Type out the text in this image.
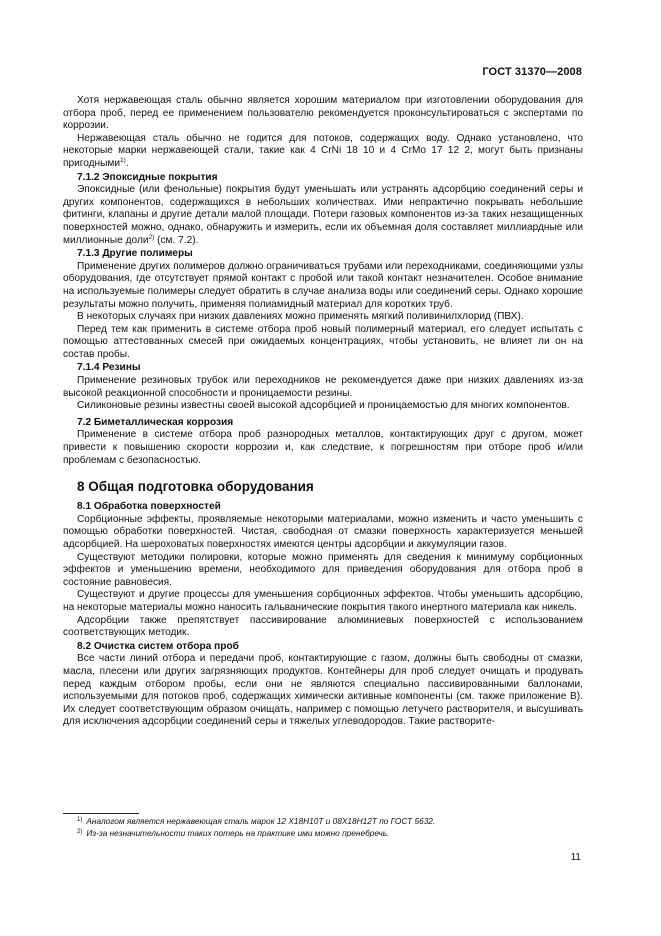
ГОСТ 31370—2008

Хотя нержавеющая сталь обычно является хорошим материалом при изготовлении оборудования для отбора проб, перед ее применением пользователю рекомендуется проконсультироваться с экспертами по коррозии.

Нержавеющая сталь обычно не годится для потоков, содержащих воду. Однако установлено, что некоторые марки нержавеющей стали, такие как 4 CrNi 18 10 и 4 CrMo 17 12 2, могут быть признаны пригодными$^{1)}$.

7.1.2 Эпоксидные покрытия

Эпоксидные (или фенольные) покрытия будут уменьшать или устранять адсорбцию соединений серы и других компонентов, содержащихся в небольших количествах. Ими непрактично покрывать небольшие фитинги, клапаны и другие детали малой площади. Потери газовых компонентов из-за таких незащищенных поверхностей можно, однако, обнаружить и измерить, если их объемная доля составляет миллиардные или миллионные доли$^{2)}$ (см. 7.2).

7.1.3 Другие полимеры

Применение других полимеров должно ограничиваться трубами или переходниками, соединяющими узлы оборудования, где отсутствует прямой контакт с пробой или такой контакт незначителен. Особое внимание на используемые полимеры следует обратить в случае анализа воды или соединений серы. Однако хорошие результаты можно получить, применяя полиамидный материал для коротких труб.

В некоторых случаях при низких давлениях можно применять мягкий поливинилхлорид (ПВХ).

Перед тем как применить в системе отбора проб новый полимерный материал, его следует испытать с помощью аттестованных смесей при ожидаемых концентрациях, чтобы установить, не влияет ли он на состав пробы.

7.1.4 Резины

Применение резиновых трубок или переходников не рекомендуется даже при низких давлениях из-за высокой реакционной способности и проницаемости резины.

Силиконовые резины известны своей высокой адсорбцией и проницаемостью для многих компонентов.

7.2 Биметаллическая коррозия

Применение в системе отбора проб разнородных металлов, контактирующих друг с другом, может привести к повышению скорости коррозии и, как следствие, к погрешностям при отборе проб и/или проблемам с безопасностью.

8 Общая подготовка оборудования
8.1 Обработка поверхностей

Сорбционные эффекты, проявляемые некоторыми материалами, можно изменить и часто уменьшить с помощью обработки поверхностей. Чистая, свободная от смазки поверхность характеризуется меньшей адсорбцией. На шероховатых поверхностях имеются центры адсорбции и аккумуляции газов.

Существуют методики полировки, которые можно применять для сведения к минимуму сорбционных эффектов и уменьшению времени, необходимого для приведения оборудования для отбора проб в состояние равновесия.

Существуют и другие процессы для уменьшения сорбционных эффектов. Чтобы уменьшить адсорбцию, на некоторые материалы можно наносить гальванические покрытия такого инертного материала как никель.

Адсорбции также препятствует пассивирование алюминиевых поверхностей с использованием соответствующих методик.

8.2 Очистка систем отбора проб

Все части линий отбора и передачи проб, контактирующие с газом, должны быть свободны от смазки, масла, плесени или других загрязняющих продуктов. Контейнеры для проб следует очищать и продувать перед каждым отбором пробы, если они не являются специально пассивированными баллонами, используемыми для потоков проб, содержащих химически активные компоненты (см. также приложение В). Их следует соответствующим образом очищать, например с помощью летучего растворителя, и высушивать для исключения адсорбции соединений серы и тяжелых углеводородов. Такие растворите-

$^{1)}$ Аналогом является нержавеющая сталь марок 12 Х18Н10Т и 08Х18Н12Т по ГОСТ 5632.

$^{2)}$ Из-за незначительности таких потерь на практике ими можно пренебречь.

11
